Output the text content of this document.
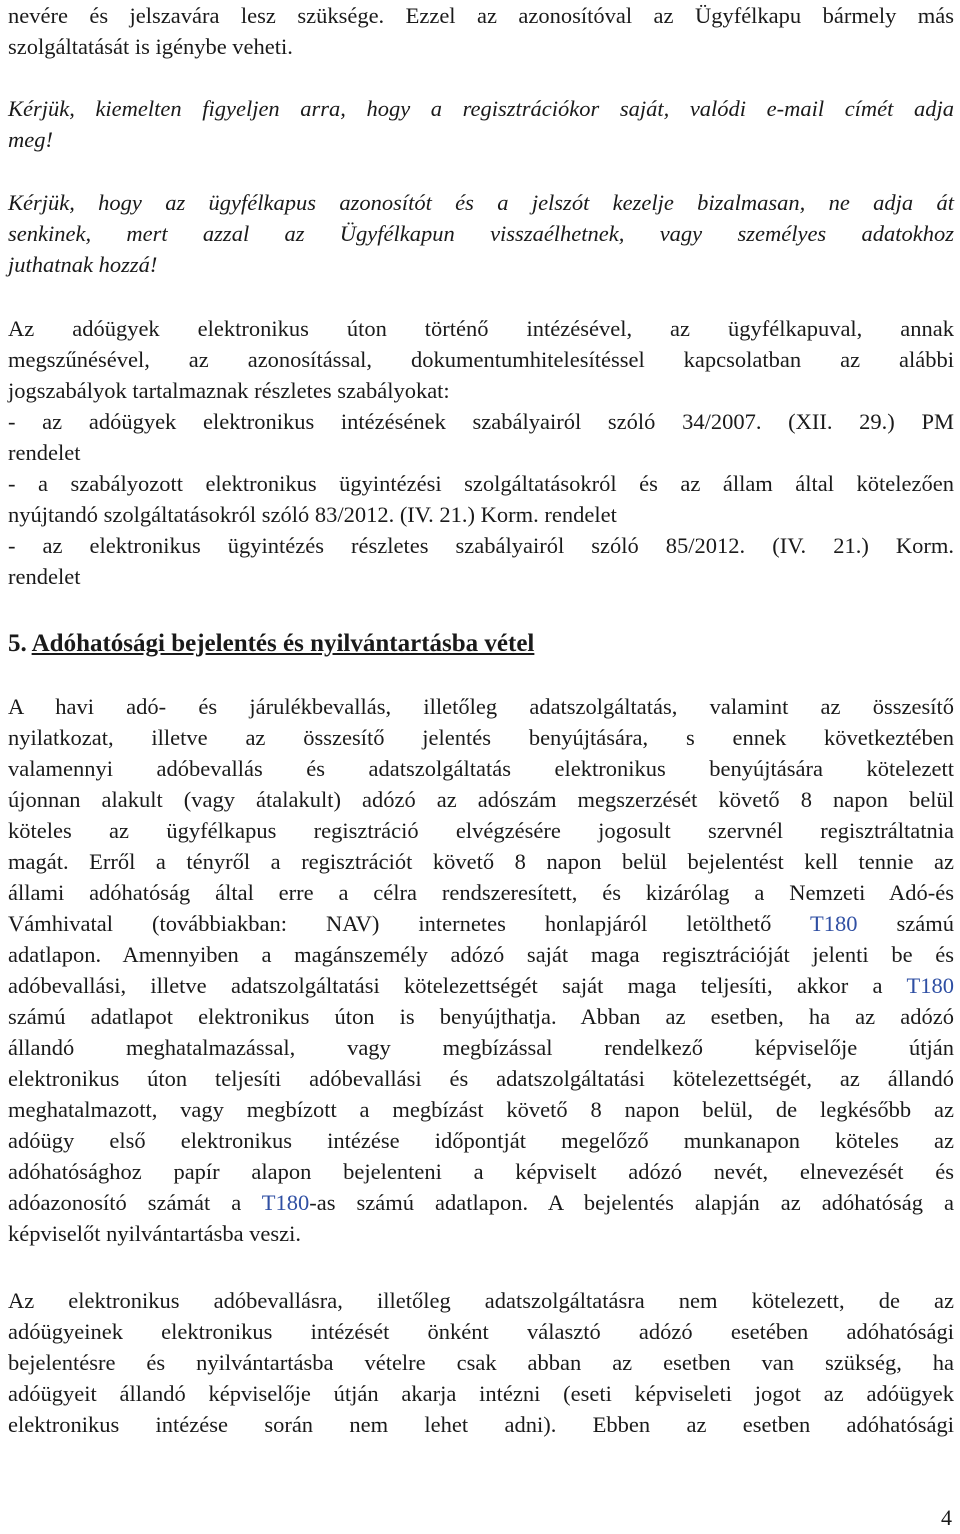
nevére és jelszavára lesz szüksége. Ezzel az azonosítóval az Ügyfélkapu bármely más
szolgáltatását is igénybe veheti.

Kérjük, kiemelten figyeljen arra, hogy a regisztrációkor saját, valódi e-mail címét adja
meg!

Kérjük, hogy az ügyfélkapus azonosítót és a jelszót kezelje bizalmasan, ne adja át
senkinek, mert azzal az Ügyfélkapun visszaélhetnek, vagy személyes adatokhoz
juthatnak hozzá!

Az adóügyek elektronikus úton történő intézésével, az ügyfélkapuval, annak
megszűnésével, az azonosítással, dokumentumhitelesítéssel kapcsolatban az alábbi
jogszabályok tartalmaznak részletes szabályokat:
- az adóügyek elektronikus intézésének szabályairól szóló 34/2007. (XII. 29.) PM
rendelet
- a szabályozott elektronikus ügyintézési szolgáltatásokról és az állam által kötelezően
nyújtandó szolgáltatásokról szóló 83/2012. (IV. 21.) Korm. rendelet
- az elektronikus ügyintézés részletes szabályairól szóló 85/2012. (IV. 21.) Korm.
rendelet

5. Adóhatósági bejelentés és nyilvántartásba vétel

A havi adó- és járulékbevallás, illetőleg adatszolgáltatás, valamint az összesítő
nyilatkozat, illetve az összesítő jelentés benyújtására, s ennek következtében
valamennyi adóbevallás és adatszolgáltatás elektronikus benyújtására kötelezett
újonnan alakult (vagy átalakult) adózó az adószám megszerzését követő 8 napon belül
köteles az ügyfélkapus regisztráció elvégzésére jogosult szervnél regisztráltatnia
magát. Erről a tényről a regisztrációt követő 8 napon belül bejelentést kell tennie az
állami adóhatóság által erre a célra rendszeresített, és kizárólag a Nemzeti Adó-és
Vámhivatal (továbbiakban: NAV) internetes honlapjáról letölthető T180 számú
adatlapon. Amennyiben a magánszemély adózó saját maga regisztrációját jelenti be és
adóbevallási, illetve adatszolgáltatási kötelezettségét saját maga teljesíti, akkor a T180
számú adatlapot elektronikus úton is benyújthatja. Abban az esetben, ha az adózó
állandó meghatalmazással, vagy megbízással rendelkező képviselője útján
elektronikus úton teljesíti adóbevallási és adatszolgáltatási kötelezettségét, az állandó
meghatalmazott, vagy megbízott a megbízást követő 8 napon belül, de legkésőbb az
adóügy első elektronikus intézése időpontját megelőző munkanapon köteles az
adóhatósághoz papír alapon bejelenteni a képviselt adózó nevét, elnevezését és
adóazonosító számát a T180-as számú adatlapon. A bejelentés alapján az adóhatóság a
képviselőt nyilvántartásba veszi.

Az elektronikus adóbevallásra, illetőleg adatszolgáltatásra nem kötelezett, de az
adóügyeinek elektronikus intézését önként választó adózó esetében adóhatósági
bejelentésre és nyilvántartásba vételre csak abban az esetben van szükség, ha
adóügyeit állandó képviselője útján akarja intézni (eseti képviseleti jogot az adóügyek
elektronikus intézése során nem lehet adni). Ebben az esetben adóhatósági

4
